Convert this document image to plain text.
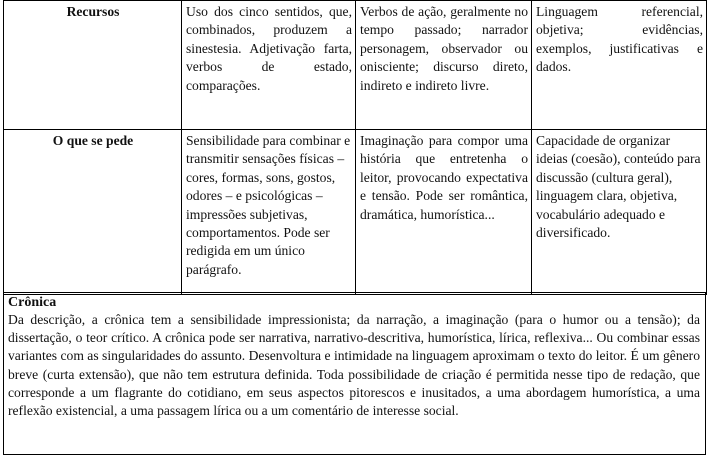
Recursos	Uso dos cinco sentidos, que, combinados, produzem a sinestesia. Adjetivação farta, verbos de estado, comparações.	Verbos de ação, geralmente no tempo passado; narrador personagem, observador ou onisciente; discurso direto, indireto e indireto livre.	Linguagem referencial, objetiva; evidências, exemplos, justificativas e dados.
O que se pede	Sensibilidade para combinar e transmitir sensações físicas – cores, formas, sons, gostos, odores – e psicológicas – impressões subjetivas, comportamentos. Pode ser redigida em um único parágrafo.	Imaginação para compor uma história que entretenha o leitor, provocando expectativa e tensão. Pode ser romântica, dramática, humorística...	Capacidade de organizar ideias (coesão), conteúdo para discussão (cultura geral), linguagem clara, objetiva, vocabulário adequado e diversificado.
Crônica

Da descrição, a crônica tem a sensibilidade impressionista; da narração, a imaginação (para o humor ou a tensão); da dissertação, o teor crítico. A crônica pode ser narrativa, narrativo-descritiva, humorística, lírica, reflexiva... Ou combinar essas variantes com as singularidades do assunto. Desenvoltura e intimidade na linguagem aproximam o texto do leitor. É um gênero breve (curta extensão), que não tem estrutura definida. Toda possibilidade de criação é permitida nesse tipo de redação, que corresponde a um flagrante do cotidiano, em seus aspectos pitorescos e inusitados, a uma abordagem humorística, a uma reflexão existencial, a uma passagem lírica ou a um comentário de interesse social.
